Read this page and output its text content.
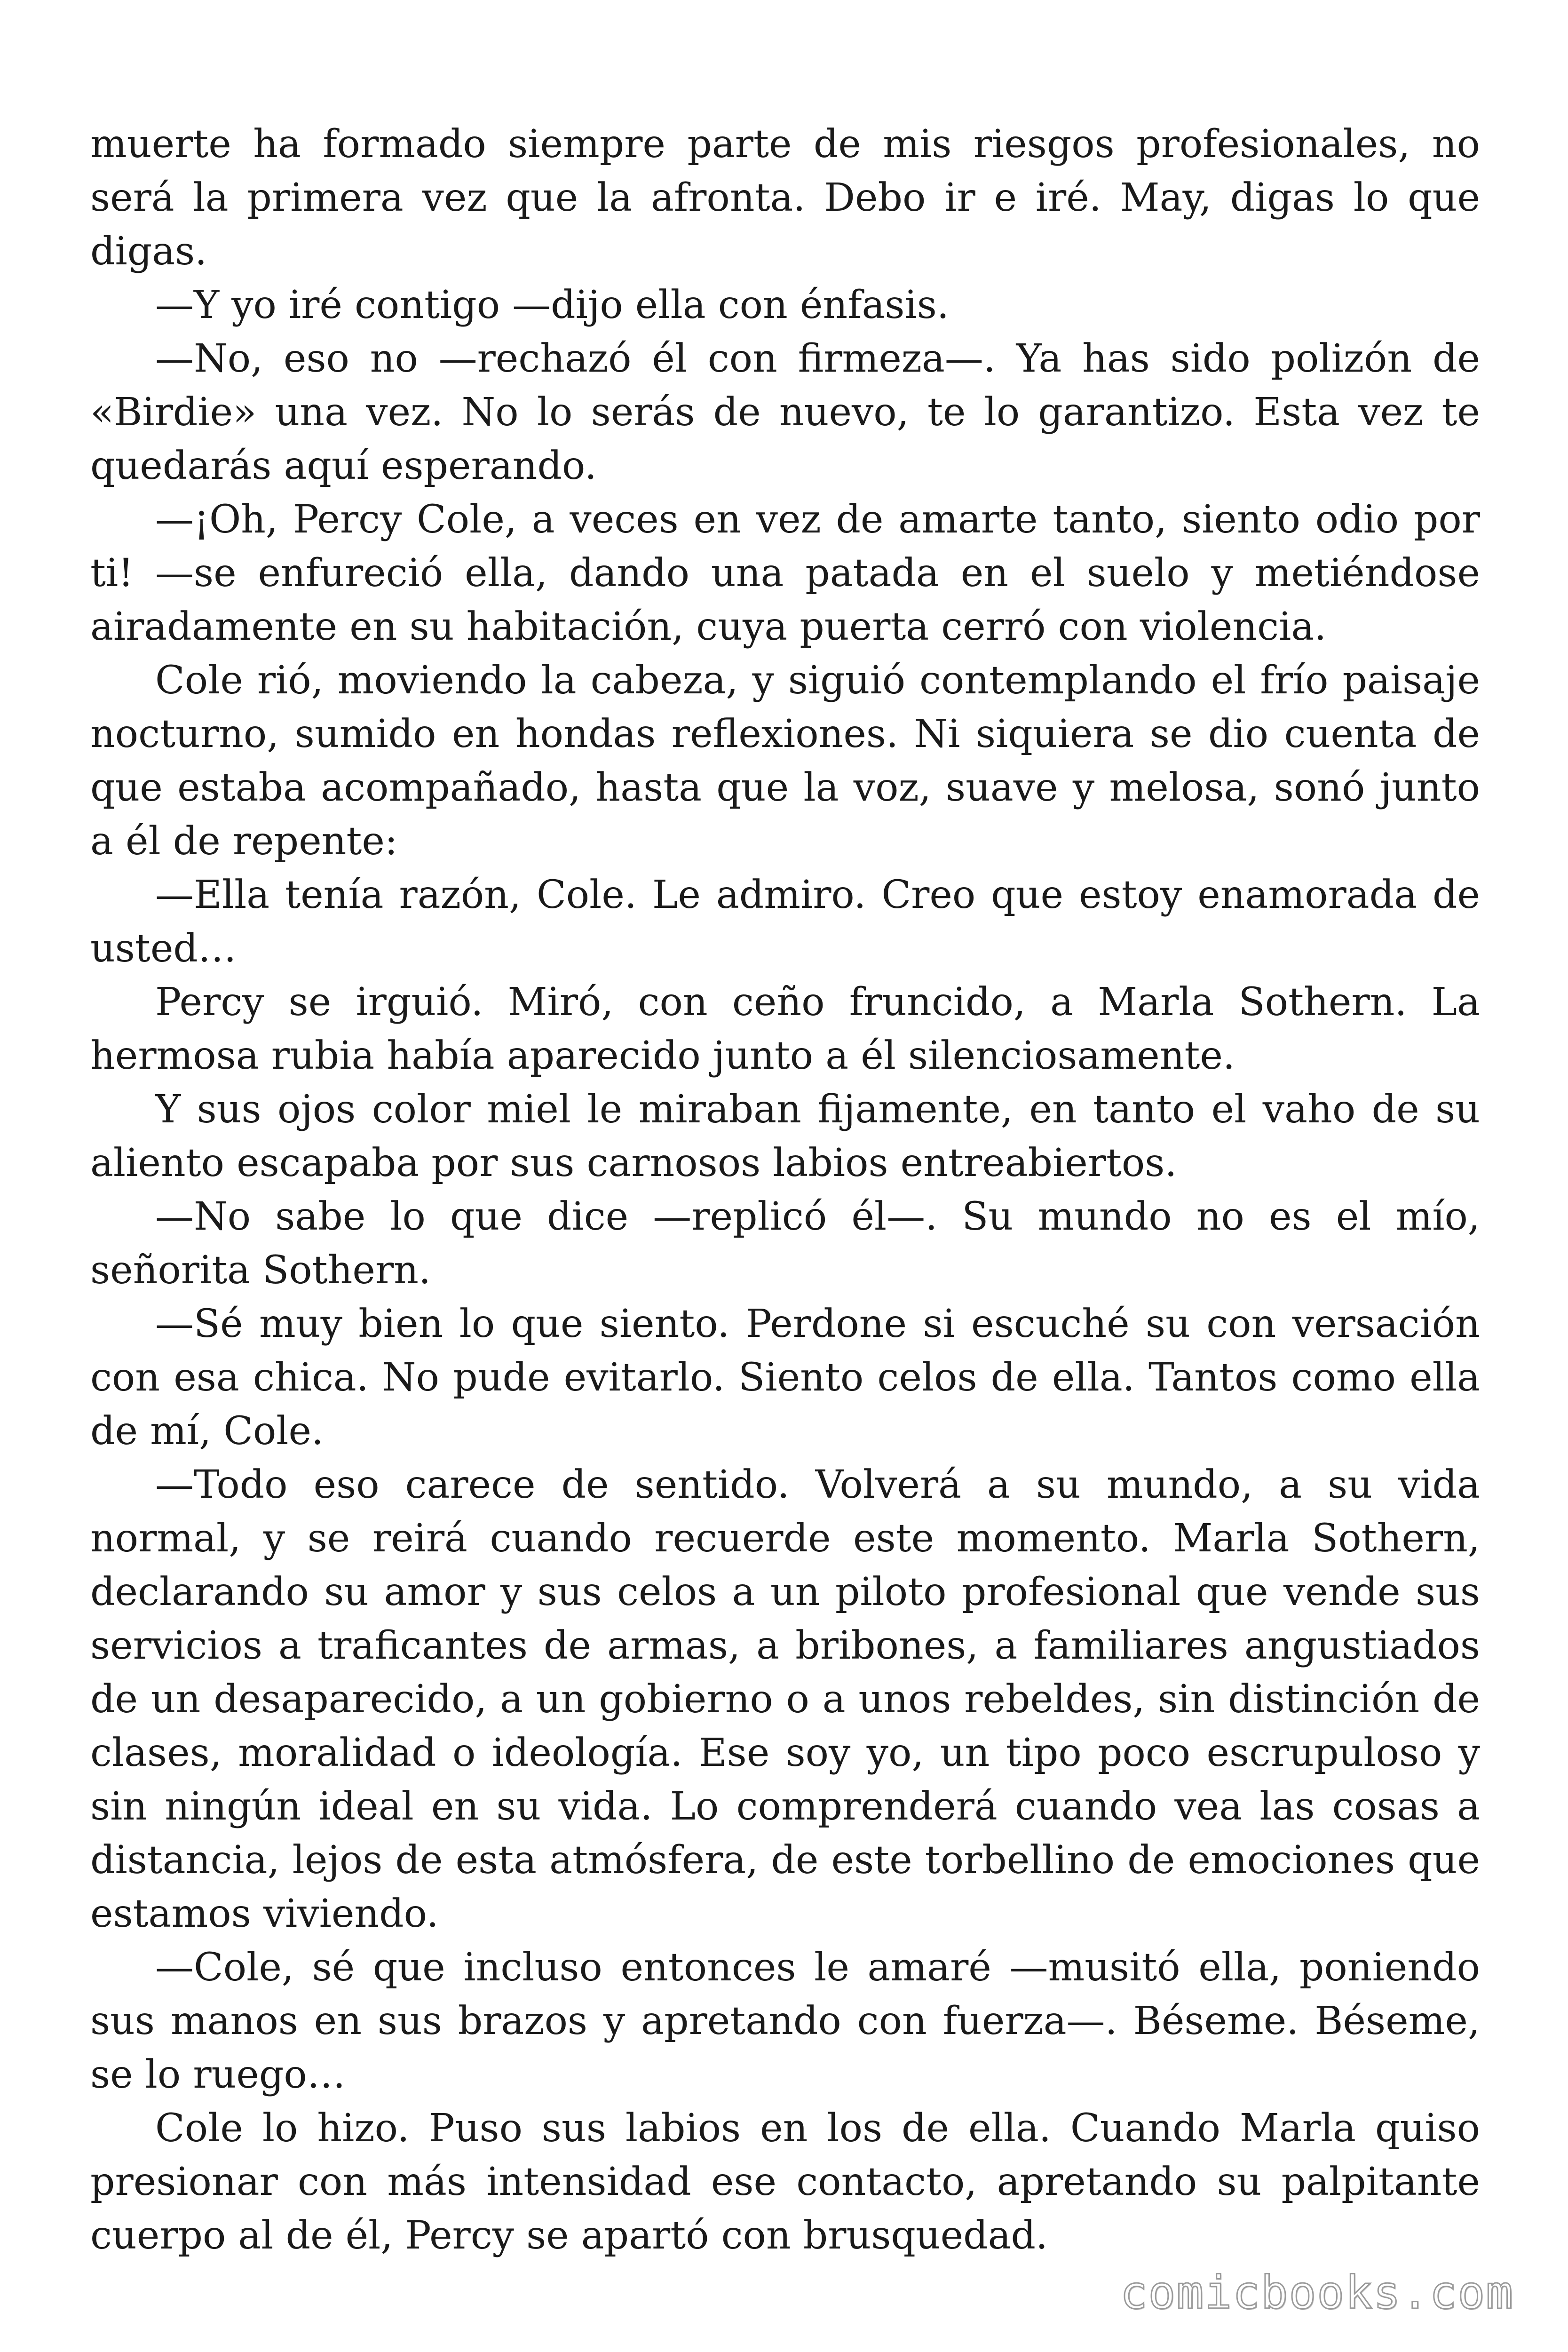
muerte ha formado siempre parte de mis riesgos profesionales, no será la primera vez que la afronta. Debo ir e iré. May, digas lo que digas.

—Y yo iré contigo —dijo ella con énfasis.

—No, eso no —rechazó él con firmeza—. Ya has sido polizón de «Birdie» una vez. No lo serás de nuevo, te lo garantizo. Esta vez te quedarás aquí esperando.

—¡Oh, Percy Cole, a veces en vez de amarte tanto, siento odio por ti! —se enfureció ella, dando una patada en el suelo y metiéndose airadamente en su habitación, cuya puerta cerró con violencia.

Cole rió, moviendo la cabeza, y siguió contemplando el frío paisaje nocturno, sumido en hondas reflexiones. Ni siquiera se dio cuenta de que estaba acompañado, hasta que la voz, suave y melosa, sonó junto a él de repente:

—Ella tenía razón, Cole. Le admiro. Creo que estoy enamorada de usted…

Percy se irguió. Miró, con ceño fruncido, a Marla Sothern. La hermosa rubia había aparecido junto a él silenciosamente.

Y sus ojos color miel le miraban fijamente, en tanto el vaho de su aliento escapaba por sus carnosos labios entreabiertos.

—No sabe lo que dice —replicó él—. Su mundo no es el mío, señorita Sothern.

—Sé muy bien lo que siento. Perdone si escuché su con versación con esa chica. No pude evitarlo. Siento celos de ella. Tantos como ella de mí, Cole.

—Todo eso carece de sentido. Volverá a su mundo, a su vida normal, y se reirá cuando recuerde este momento. Marla Sothern, declarando su amor y sus celos a un piloto profesional que vende sus servicios a traficantes de armas, a bribones, a familiares angustiados de un desaparecido, a un gobierno o a unos rebeldes, sin distinción de clases, moralidad o ideología. Ese soy yo, un tipo poco escrupuloso y sin ningún ideal en su vida. Lo comprenderá cuando vea las cosas a distancia, lejos de esta atmósfera, de este torbellino de emociones que estamos viviendo.

—Cole, sé que incluso entonces le amaré —musitó ella, poniendo sus manos en sus brazos y apretando con fuerza—. Béseme. Béseme, se lo ruego…

Cole lo hizo. Puso sus labios en los de ella. Cuando Marla quiso presionar con más intensidad ese contacto, apretando su palpitante cuerpo al de él, Percy se apartó con brusquedad.

comicbooks.com
